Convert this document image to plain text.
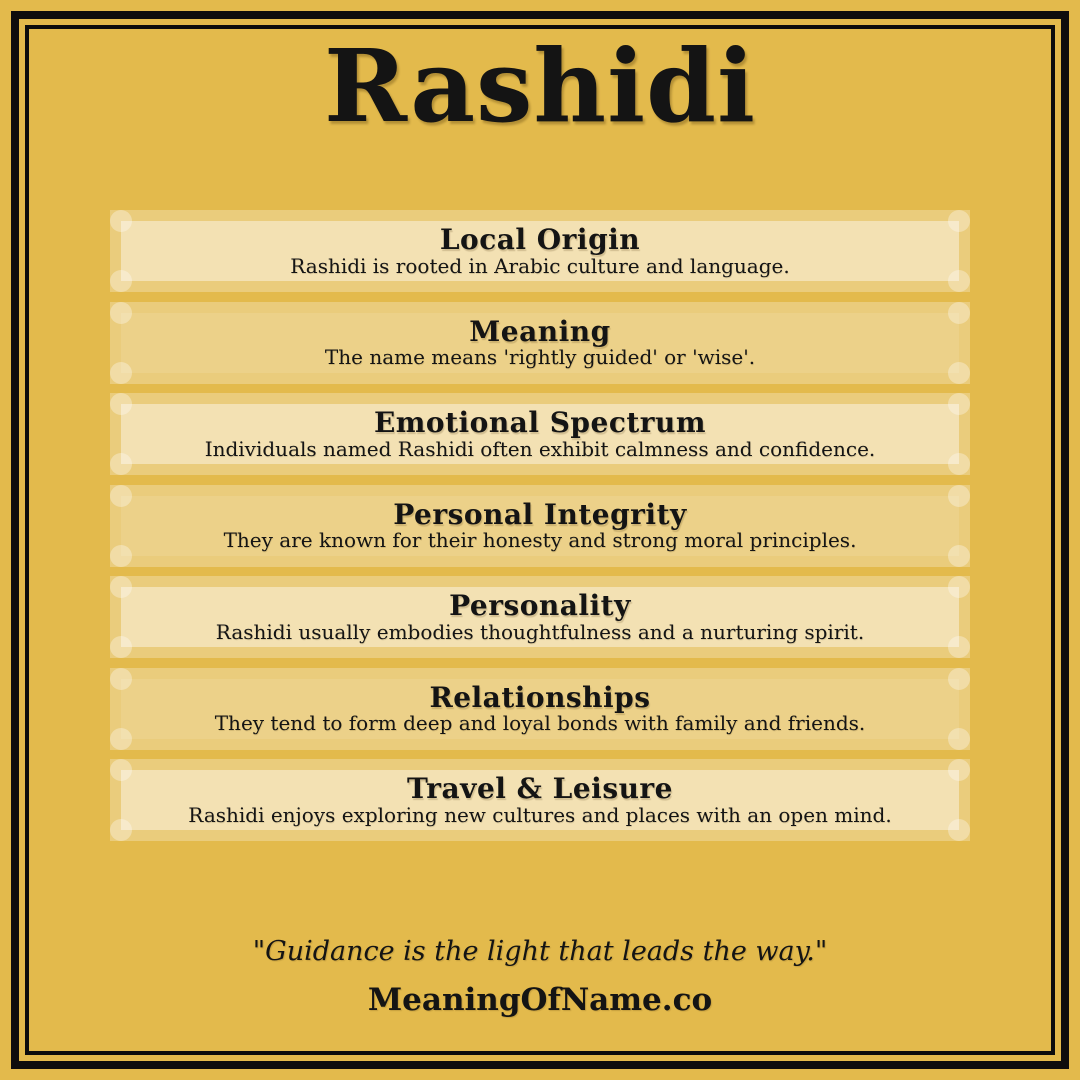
Rashidi
Local Origin
Rashidi is rooted in Arabic culture and language.
Meaning
The name means 'rightly guided' or 'wise'.
Emotional Spectrum
Individuals named Rashidi often exhibit calmness and confidence.
Personal Integrity
They are known for their honesty and strong moral principles.
Personality
Rashidi usually embodies thoughtfulness and a nurturing spirit.
Relationships
They tend to form deep and loyal bonds with family and friends.
Travel & Leisure
Rashidi enjoys exploring new cultures and places with an open mind.
"Guidance is the light that leads the way."
MeaningOfName.co
